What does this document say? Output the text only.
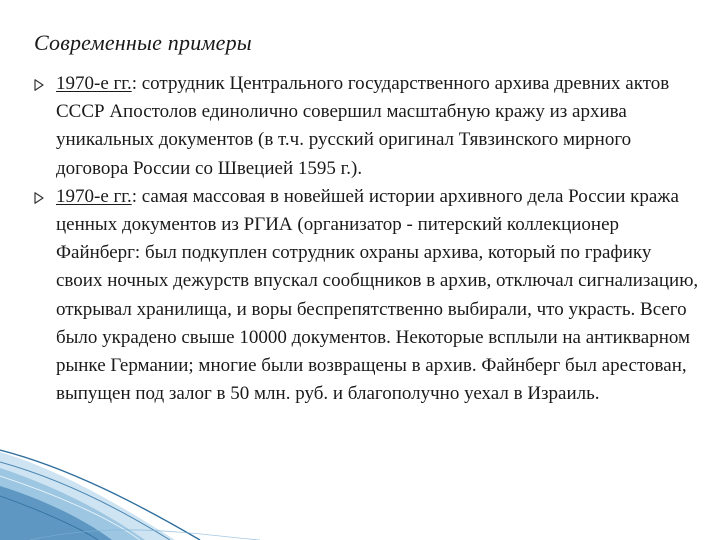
Современные примеры
1970-е гг.: сотрудник Центрального государственного архива древних актов СССР Апостолов единолично совершил масштабную кражу из архива уникальных документов (в т.ч. русский оригинал Тявзинского мирного договора России со Швецией 1595 г.).
1970-е гг.: самая массовая в новейшей истории архивного дела России кража ценных документов из РГИА (организатор - питерский коллекционер Файнберг: был подкуплен сотрудник охраны архива, который по графику своих ночных дежурств впускал сообщников в архив, отключал сигнализацию, открывал хранилища, и воры беспрепятственно выбирали, что украсть. Всего было украдено свыше 10000 документов. Некоторые всплыли на антикварном рынке Германии; многие были возвращены в архив. Файнберг был арестован, выпущен под залог в 50 млн. руб. и благополучно уехал в Израиль.
